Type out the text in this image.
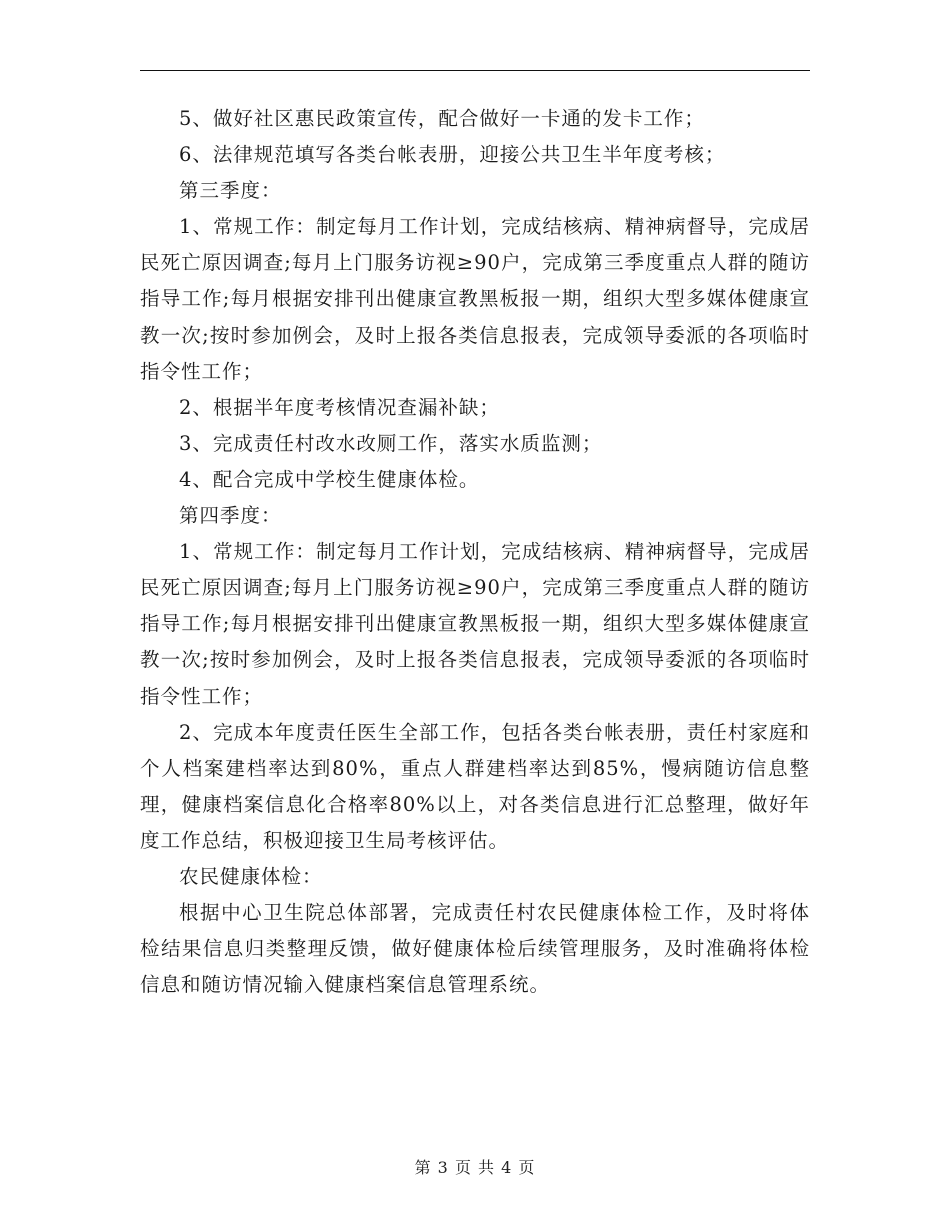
5、做好社区惠民政策宣传，配合做好一卡通的发卡工作；

6、法律规范填写各类台帐表册，迎接公共卫生半年度考核；

第三季度：

1、常规工作：制定每月工作计划，完成结核病、精神病督导，完成居民死亡原因调查;每月上门服务访视≥90户，完成第三季度重点人群的随访指导工作;每月根据安排刊出健康宣教黑板报一期，组织大型多媒体健康宣教一次;按时参加例会，及时上报各类信息报表，完成领导委派的各项临时指令性工作；

2、根据半年度考核情况查漏补缺；

3、完成责任村改水改厕工作，落实水质监测；

4、配合完成中学校生健康体检。

第四季度：

1、常规工作：制定每月工作计划，完成结核病、精神病督导，完成居民死亡原因调查;每月上门服务访视≥90户，完成第三季度重点人群的随访指导工作;每月根据安排刊出健康宣教黑板报一期，组织大型多媒体健康宣教一次;按时参加例会，及时上报各类信息报表，完成领导委派的各项临时指令性工作；

2、完成本年度责任医生全部工作，包括各类台帐表册，责任村家庭和个人档案建档率达到80%，重点人群建档率达到85%，慢病随访信息整理，健康档案信息化合格率80%以上，对各类信息进行汇总整理，做好年度工作总结，积极迎接卫生局考核评估。

农民健康体检：

根据中心卫生院总体部署，完成责任村农民健康体检工作，及时将体检结果信息归类整理反馈，做好健康体检后续管理服务，及时准确将体检信息和随访情况输入健康档案信息管理系统。

第 3 页 共 4 页
